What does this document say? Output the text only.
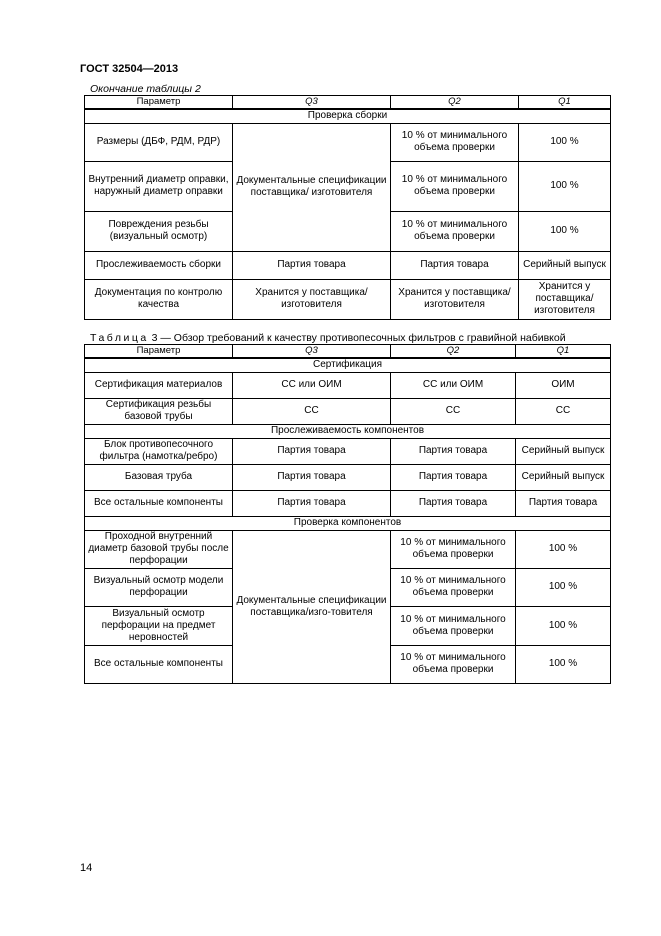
ГОСТ 32504—2013
Окончание таблицы 2
Параметр	Q3	Q2	Q1
Проверка сборки			
Размеры (ДБФ, РДМ, РДР)	Документальные спецификации поставщика/ изготовителя	10 % от минимального объема проверки	100 %
Внутренний диаметр оправки, наружный диаметр оправки		10 % от минимального объема проверки	100 %
Повреждения резьбы (визуальный осмотр)		10 % от минимального объема проверки	100 %
Прослеживаемость сборки	Партия товара	Партия товара	Серийный выпуск
Документация по контролю качества	Хранится у поставщика/ изготовителя	Хранится у поставщика/ изготовителя	Хранится у поставщика/ изготовителя
Таблица 3 — Обзор требований к качеству противопесочных фильтров с гравийной набивкой
Параметр	Q3	Q2	Q1
Сертификация			
Сертификация материалов	СС или ОИМ	СС или ОИМ	ОИМ
Сертификация резьбы базовой трубы	СС	СС	СС
Прослеживаемость компонентов			
Блок противопесочного фильтра (намотка/ребро)	Партия товара	Партия товара	Серийный выпуск
Базовая труба	Партия товара	Партия товара	Серийный выпуск
Все остальные компоненты	Партия товара	Партия товара	Партия товара
Проверка компонентов			
Проходной внутренний диаметр базовой трубы после перфорации	Документальные спецификации поставщика/изго-товителя	10 % от минимального объема проверки	100 %
Визуальный осмотр модели перфорации		10 % от минимального объема проверки	100 %
Визуальный осмотр перфорации на предмет неровностей		10 % от минимального объема проверки	100 %
Все остальные компоненты		10 % от минимального объема проверки	100 %
14
